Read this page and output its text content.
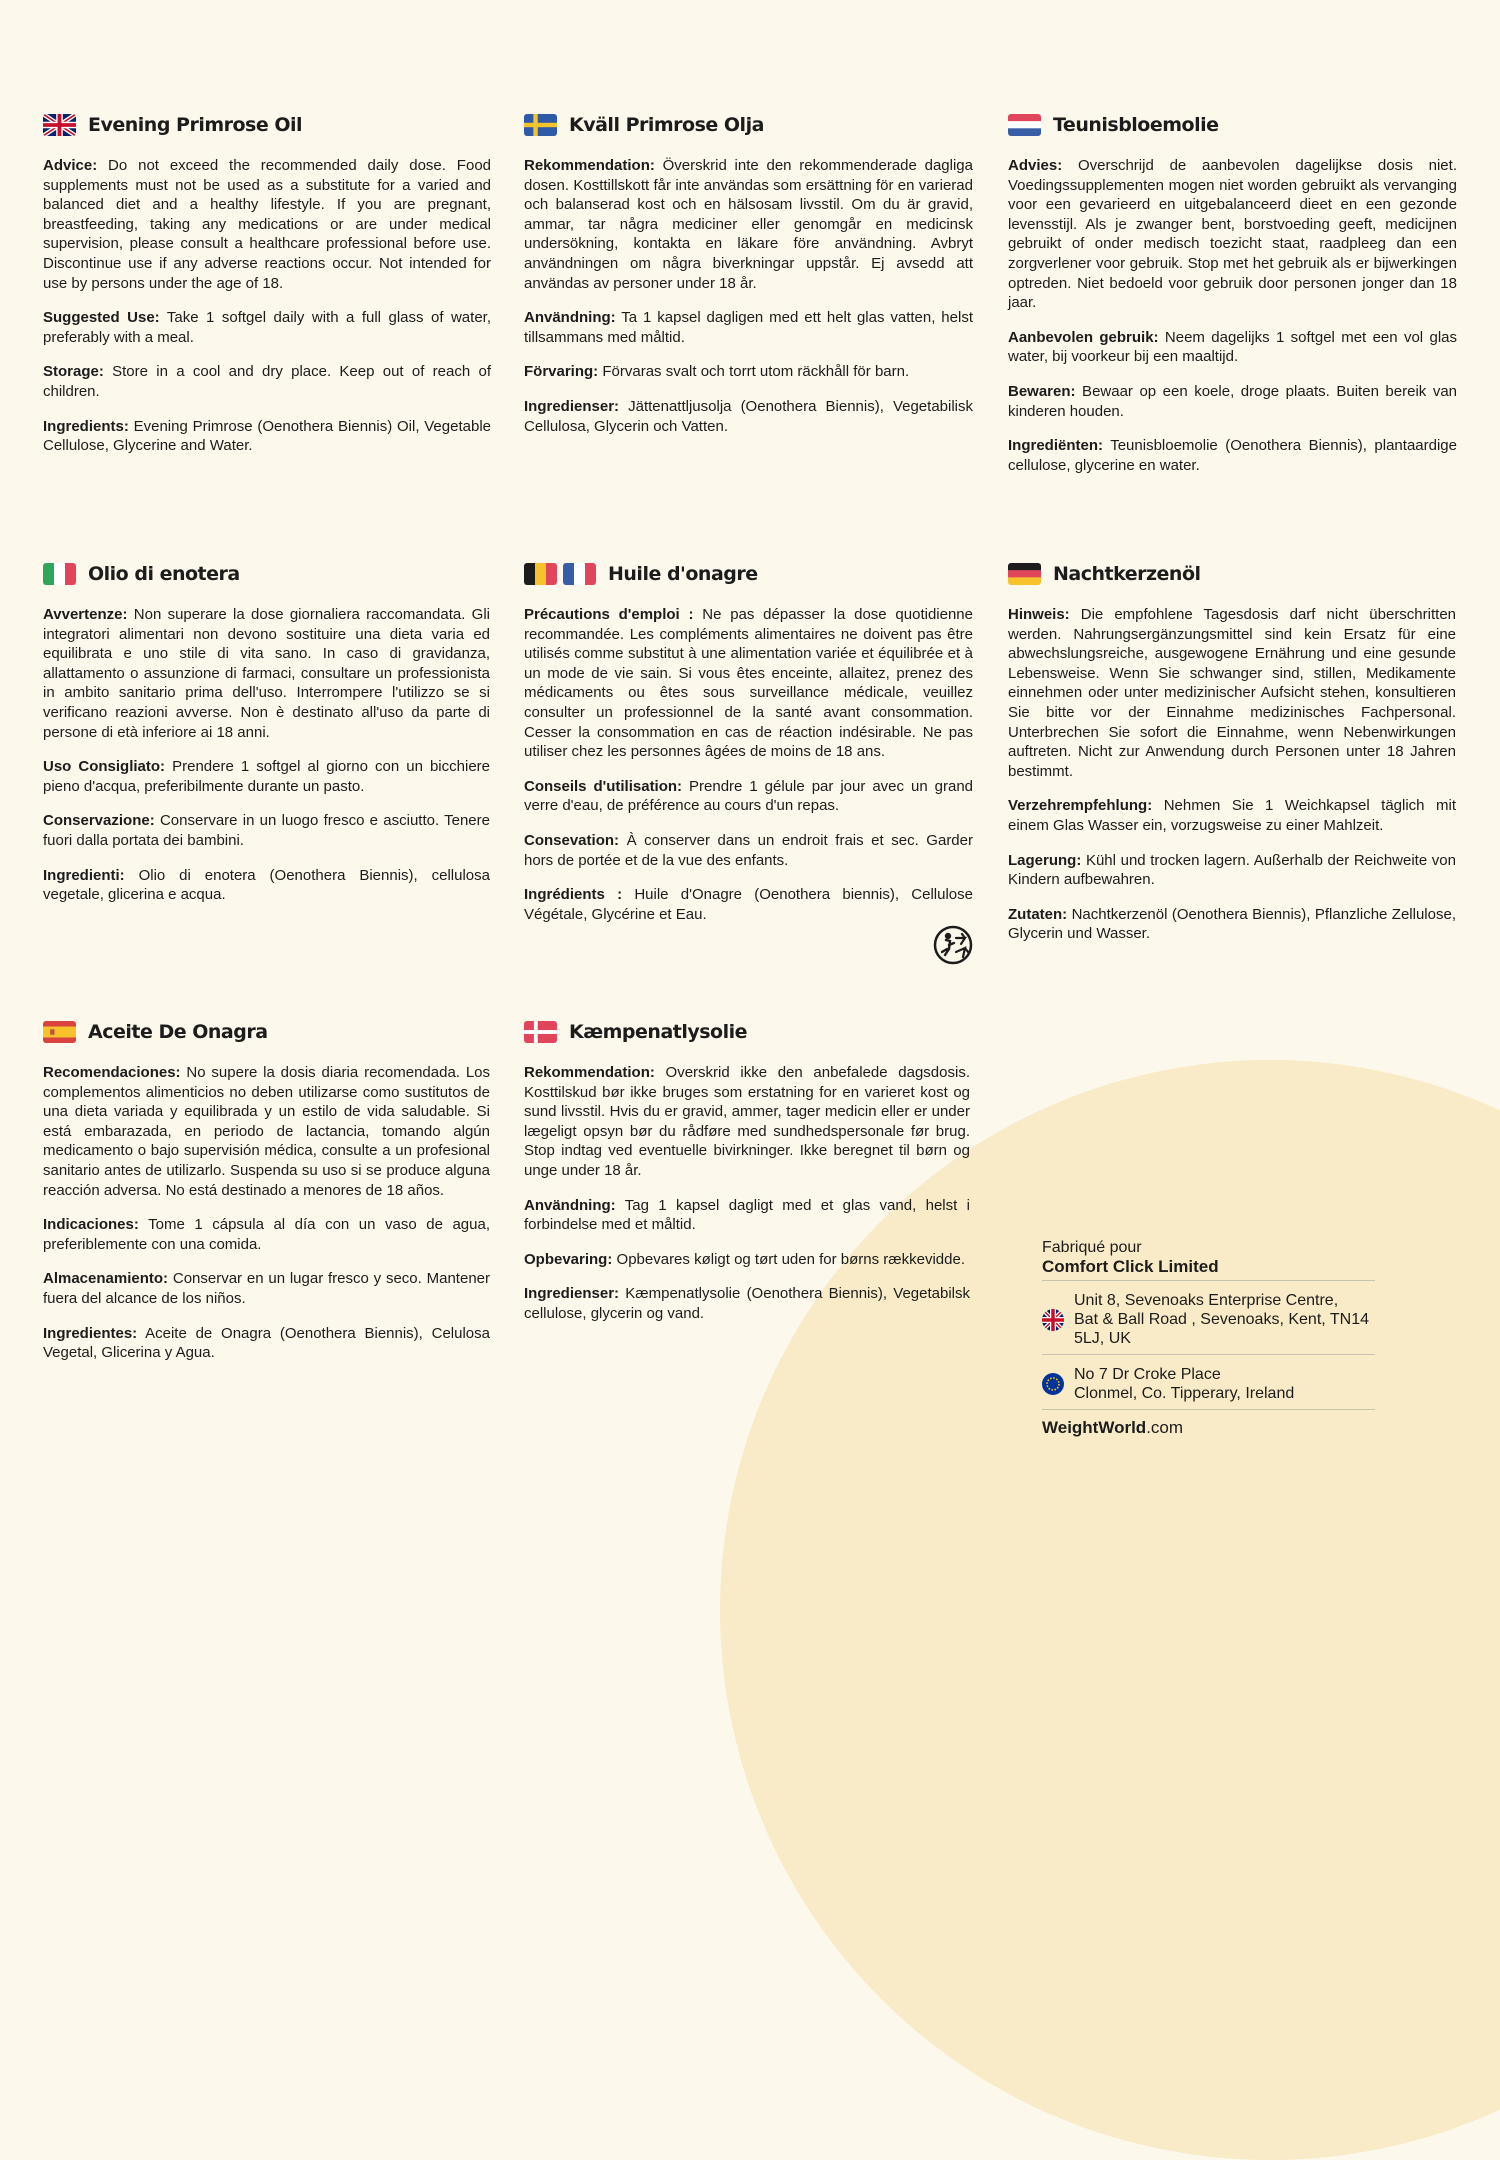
Evening Primrose Oil

Advice: Do not exceed the recommended daily dose. Food supplements must not be used as a substitute for a varied and balanced diet and a healthy lifestyle. If you are pregnant, breastfeeding, taking any medications or are under medical supervision, please consult a healthcare professional before use. Discontinue use if any adverse reactions occur. Not intended for use by persons under the age of 18.

Suggested Use: Take 1 softgel daily with a full glass of water, preferably with a meal.

Storage: Store in a cool and dry place. Keep out of reach of children.

Ingredients: Evening Primrose (Oenothera Biennis) Oil, Vegetable Cellulose, Glycerine and Water.

Kväll Primrose Olja

Rekommendation: Överskrid inte den rekommenderade dagliga dosen. Kosttillskott får inte användas som ersättning för en varierad och balanserad kost och en hälsosam livsstil. Om du är gravid, ammar, tar några mediciner eller genomgår en medicinsk undersökning, kontakta en läkare före användning. Avbryt användningen om några biverkningar uppstår. Ej avsedd att användas av personer under 18 år.

Användning: Ta 1 kapsel dagligen med ett helt glas vatten, helst tillsammans med måltid.

Förvaring: Förvaras svalt och torrt utom räckhåll för barn.

Ingredienser: Jättenattljusolja (Oenothera Biennis), Vegetabilisk Cellulosa, Glycerin och Vatten.

Teunisbloemolie

Advies: Overschrijd de aanbevolen dagelijkse dosis niet. Voedingssupplementen mogen niet worden gebruikt als vervanging voor een gevarieerd en uitgebalanceerd dieet en een gezonde levensstijl. Als je zwanger bent, borstvoeding geeft, medicijnen gebruikt of onder medisch toezicht staat, raadpleeg dan een zorgverlener voor gebruik. Stop met het gebruik als er bijwerkingen optreden. Niet bedoeld voor gebruik door personen jonger dan 18 jaar.

Aanbevolen gebruik: Neem dagelijks 1 softgel met een vol glas water, bij voorkeur bij een maaltijd.

Bewaren: Bewaar op een koele, droge plaats. Buiten bereik van kinderen houden.

Ingrediënten: Teunisbloemolie (Oenothera Biennis), plantaardige cellulose, glycerine en water.

Olio di enotera

Avvertenze: Non superare la dose giornaliera raccomandata. Gli integratori alimentari non devono sostituire una dieta varia ed equilibrata e uno stile di vita sano. In caso di gravidanza, allattamento o assunzione di farmaci, consultare un professionista in ambito sanitario prima dell'uso. Interrompere l'utilizzo se si verificano reazioni avverse. Non è destinato all'uso da parte di persone di età inferiore ai 18 anni.

Uso Consigliato: Prendere 1 softgel al giorno con un bicchiere pieno d'acqua, preferibilmente durante un pasto.

Conservazione: Conservare in un luogo fresco e asciutto. Tenere fuori dalla portata dei bambini.

Ingredienti: Olio di enotera (Oenothera Biennis), cellulosa vegetale, glicerina e acqua.

Huile d'onagre

Précautions d'emploi : Ne pas dépasser la dose quotidienne recommandée. Les compléments alimentaires ne doivent pas être utilisés comme substitut à une alimentation variée et équilibrée et à un mode de vie sain. Si vous êtes enceinte, allaitez, prenez des médicaments ou êtes sous surveillance médicale, veuillez consulter un professionnel de la santé avant consommation. Cesser la consommation en cas de réaction indésirable. Ne pas utiliser chez les personnes âgées de moins de 18 ans.

Conseils d'utilisation: Prendre 1 gélule par jour avec un grand verre d'eau, de préférence au cours d'un repas.

Consevation: À conserver dans un endroit frais et sec. Garder hors de portée et de la vue des enfants.

Ingrédients : Huile d'Onagre (Oenothera biennis), Cellulose Végétale, Glycérine et Eau.

Nachtkerzenöl

Hinweis: Die empfohlene Tagesdosis darf nicht überschritten werden. Nahrungsergänzungsmittel sind kein Ersatz für eine abwechslungsreiche, ausgewogene Ernährung und eine gesunde Lebensweise. Wenn Sie schwanger sind, stillen, Medikamente einnehmen oder unter medizinischer Aufsicht stehen, konsultieren Sie bitte vor der Einnahme medizinisches Fachpersonal. Unterbrechen Sie sofort die Einnahme, wenn Nebenwirkungen auftreten. Nicht zur Anwendung durch Personen unter 18 Jahren bestimmt.

Verzehrempfehlung: Nehmen Sie 1 Weichkapsel täglich mit einem Glas Wasser ein, vorzugsweise zu einer Mahlzeit.

Lagerung: Kühl und trocken lagern. Außerhalb der Reichweite von Kindern aufbewahren.

Zutaten: Nachtkerzenöl (Oenothera Biennis), Pflanzliche Zellulose, Glycerin und Wasser.

Aceite De Onagra

Recomendaciones: No supere la dosis diaria recomendada. Los complementos alimenticios no deben utilizarse como sustitutos de una dieta variada y equilibrada y un estilo de vida saludable. Si está embarazada, en periodo de lactancia, tomando algún medicamento o bajo supervisión médica, consulte a un profesional sanitario antes de utilizarlo. Suspenda su uso si se produce alguna reacción adversa. No está destinado a menores de 18 años.

Indicaciones: Tome 1 cápsula al día con un vaso de agua, preferiblemente con una comida.

Almacenamiento: Conservar en un lugar fresco y seco. Mantener fuera del alcance de los niños.

Ingredientes: Aceite de Onagra (Oenothera Biennis), Celulosa Vegetal, Glicerina y Agua.

Kæmpenatlysolie

Rekommendation: Overskrid ikke den anbefalede dagsdosis. Kosttilskud bør ikke bruges som erstatning for en varieret kost og sund livsstil. Hvis du er gravid, ammer, tager medicin eller er under lægeligt opsyn bør du rådføre med sundhedspersonale før brug. Stop indtag ved eventuelle bivirkninger. Ikke beregnet til børn og unge under 18 år.

Användning: Tag 1 kapsel dagligt med et glas vand, helst i forbindelse med et måltid.

Opbevaring: Opbevares køligt og tørt uden for børns rækkevidde.

Ingredienser: Kæmpenatlysolie (Oenothera Biennis), Vegetabilsk cellulose, glycerin og vand.

Fabriqué pour
Comfort Click Limited
Unit 8, Sevenoaks Enterprise Centre,
Bat & Ball Road , Sevenoaks, Kent, TN14 5LJ, UK
No 7 Dr Croke Place
Clonmel, Co. Tipperary, Ireland
WeightWorld.com
